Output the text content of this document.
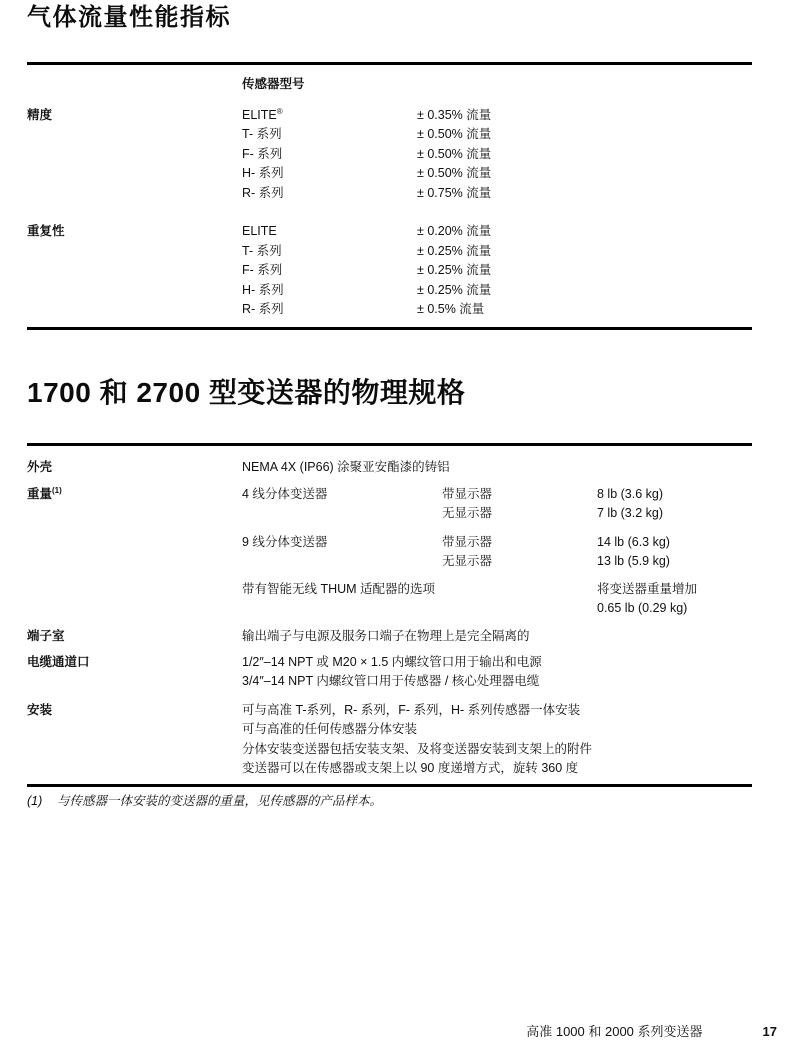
气体流量性能指标
传感器型号
精度	ELITE®	± 0.35% 流量
T- 系列	± 0.50% 流量
F- 系列	± 0.50% 流量
H- 系列	± 0.50% 流量
R- 系列	± 0.75% 流量
重复性	ELITE	± 0.20% 流量
T- 系列	± 0.25% 流量
F- 系列	± 0.25% 流量
H- 系列	± 0.25% 流量
R- 系列	± 0.5% 流量
1700 和 2700 型变送器的物理规格
外壳	NEMA 4X (IP66) 涂聚亚安酯漆的铸铝
重量$^{(1)}$	4 线分体变送器	带显示器	8 lb (3.6 kg)
无显示器	7 lb (3.2 kg)
9 线分体变送器	带显示器	14 lb (6.3 kg)
无显示器	13 lb (5.9 kg)
带有智能无线 THUM 适配器的选项	将变送器重量增加
0.65 lb (0.29 kg)
端子室	输出端子与电源及服务口端子在物理上是完全隔离的
电缆通道口	1/2″–14 NPT 或 M20 × 1.5 内螺纹管口用于输出和电源
3/4″–14 NPT 内螺纹管口用于传感器 / 核心处理器电缆
安装	可与高准 T-系列，R- 系列，F- 系列，H- 系列传感器一体安装
可与高准的任何传感器分体安装
分体安装变送器包括安装支架、及将变送器安装到支架上的附件
变送器可以在传感器或支架上以 90 度递增方式，旋转 360 度
(1)	与传感器一体安装的变送器的重量，见传感器的产品样本。
高准 1000 和 2000 系列变送器	17
